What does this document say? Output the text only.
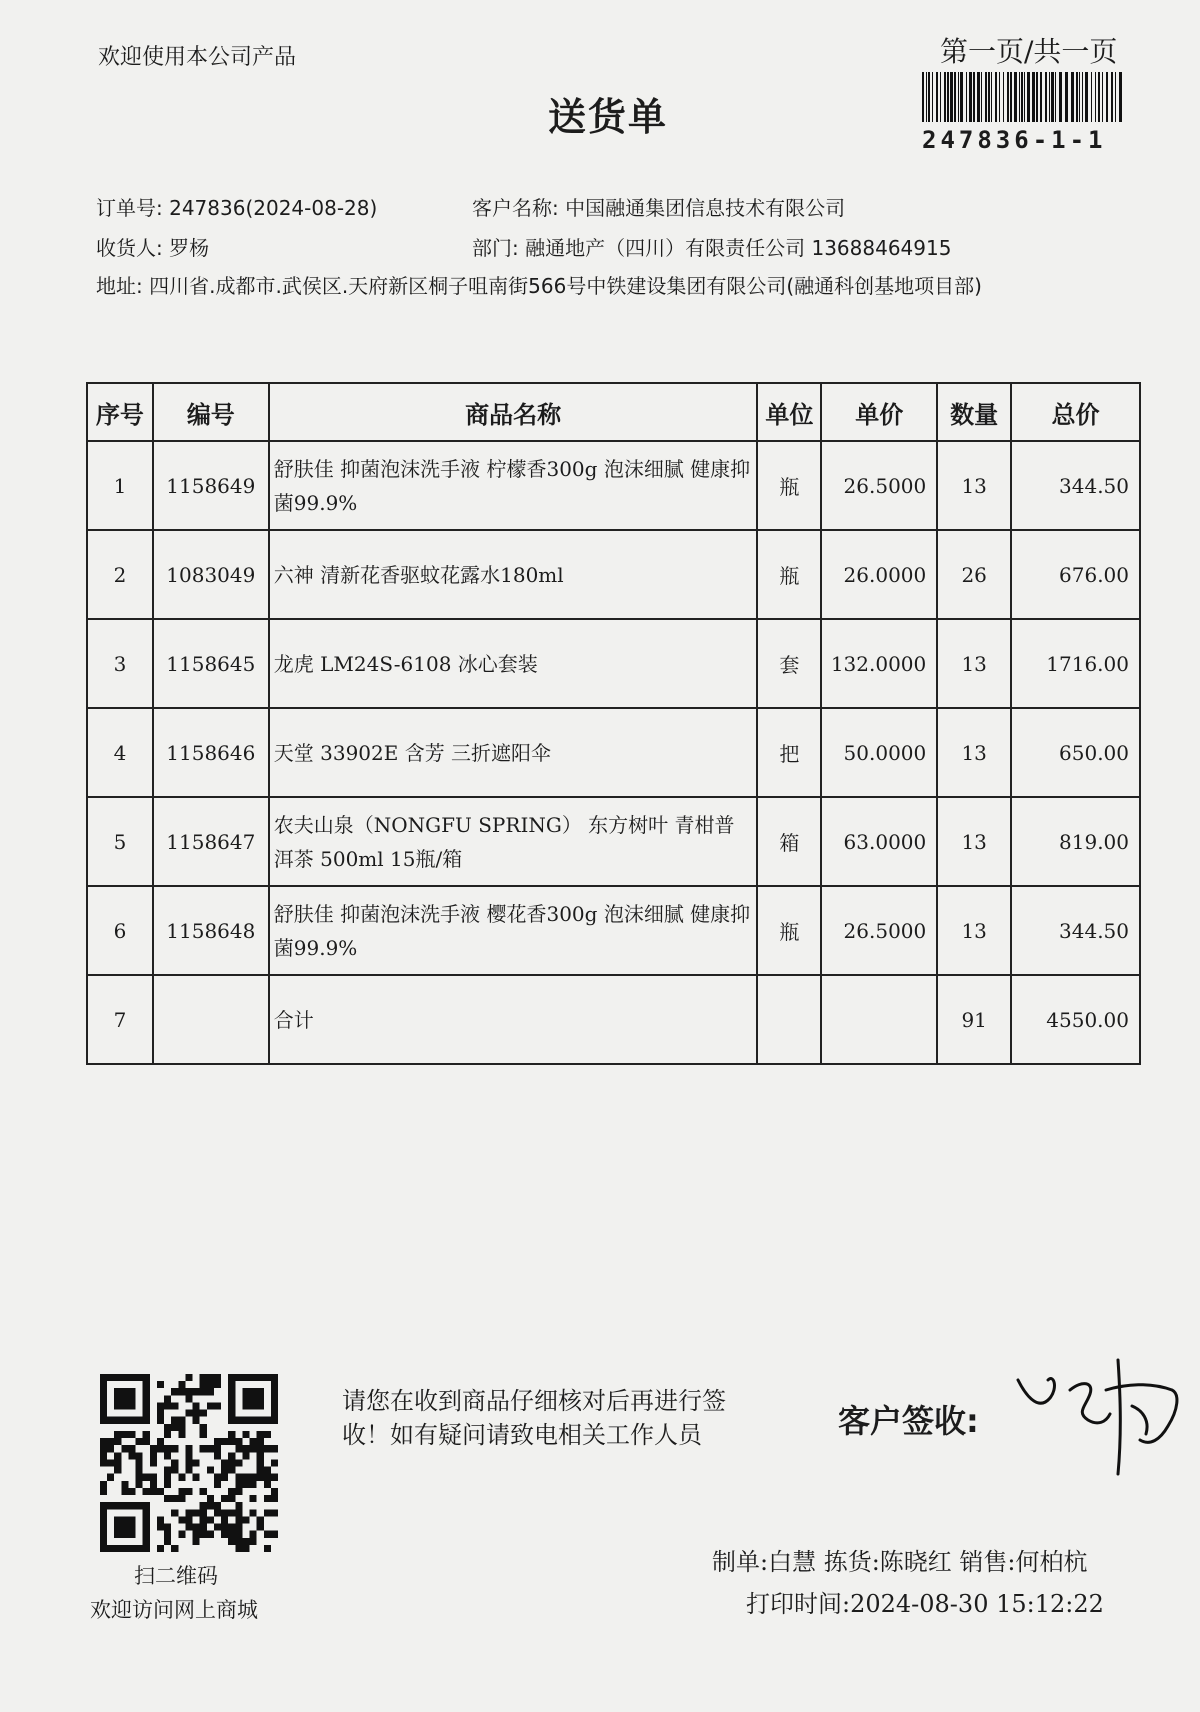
欢迎使用本公司产品	第一页/共一页
247836-1-1
送货单
订单号: 247836(2024-08-28)	客户名称: 中国融通集团信息技术有限公司
收货人: 罗杨	部门: 融通地产（四川）有限责任公司 13688464915
地址: 四川省.成都市.武侯区.天府新区桐子咀南街566号中铁建设集团有限公司(融通科创基地项目部)
序号	编号	商品名称	单位	单价	数量	总价
1	1158649	舒肤佳 抑菌泡沫洗手液 柠檬香300g 泡沫细腻 健康抑菌99.9%	瓶	26.5000	13	344.50
2	1083049	六神 清新花香驱蚊花露水180ml	瓶	26.0000	26	676.00
3	1158645	龙虎 LM24S-6108 冰心套装	套	132.0000	13	1716.00
4	1158646	天堂 33902E 含芳 三折遮阳伞	把	50.0000	13	650.00
5	1158647	农夫山泉（NONGFU SPRING） 东方树叶 青柑普洱茶 500ml 15瓶/箱	箱	63.0000	13	819.00
6	1158648	舒肤佳 抑菌泡沫洗手液 樱花香300g 泡沫细腻 健康抑菌99.9%	瓶	26.5000	13	344.50
7		合计			91	4550.00
扫二维码
欢迎访问网上商城
请您在收到商品仔细核对后再进行签收！如有疑问请致电相关工作人员	客户签收:
制单:白慧 拣货:陈晓红 销售:何柏杭
打印时间:2024-08-30 15:12:22
